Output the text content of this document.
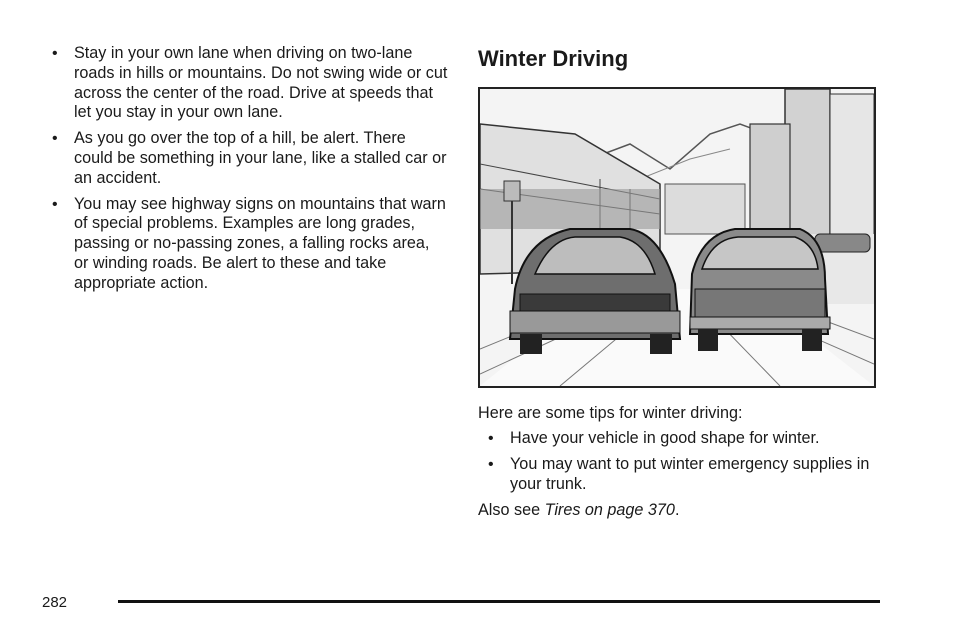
• Stay in your own lane when driving on two-lane roads in hills or mountains. Do not swing wide or cut across the center of the road. Drive at speeds that let you stay in your own lane.
• As you go over the top of a hill, be alert. There could be something in your lane, like a stalled car or an accident.
• You may see highway signs on mountains that warn of special problems. Examples are long grades, passing or no-passing zones, a falling rocks area, or winding roads. Be alert to these and take appropriate action.
Winter Driving
Here are some tips for winter driving:
• Have your vehicle in good shape for winter.
• You may want to put winter emergency supplies in your trunk.
Also see Tires on page 370.
282
